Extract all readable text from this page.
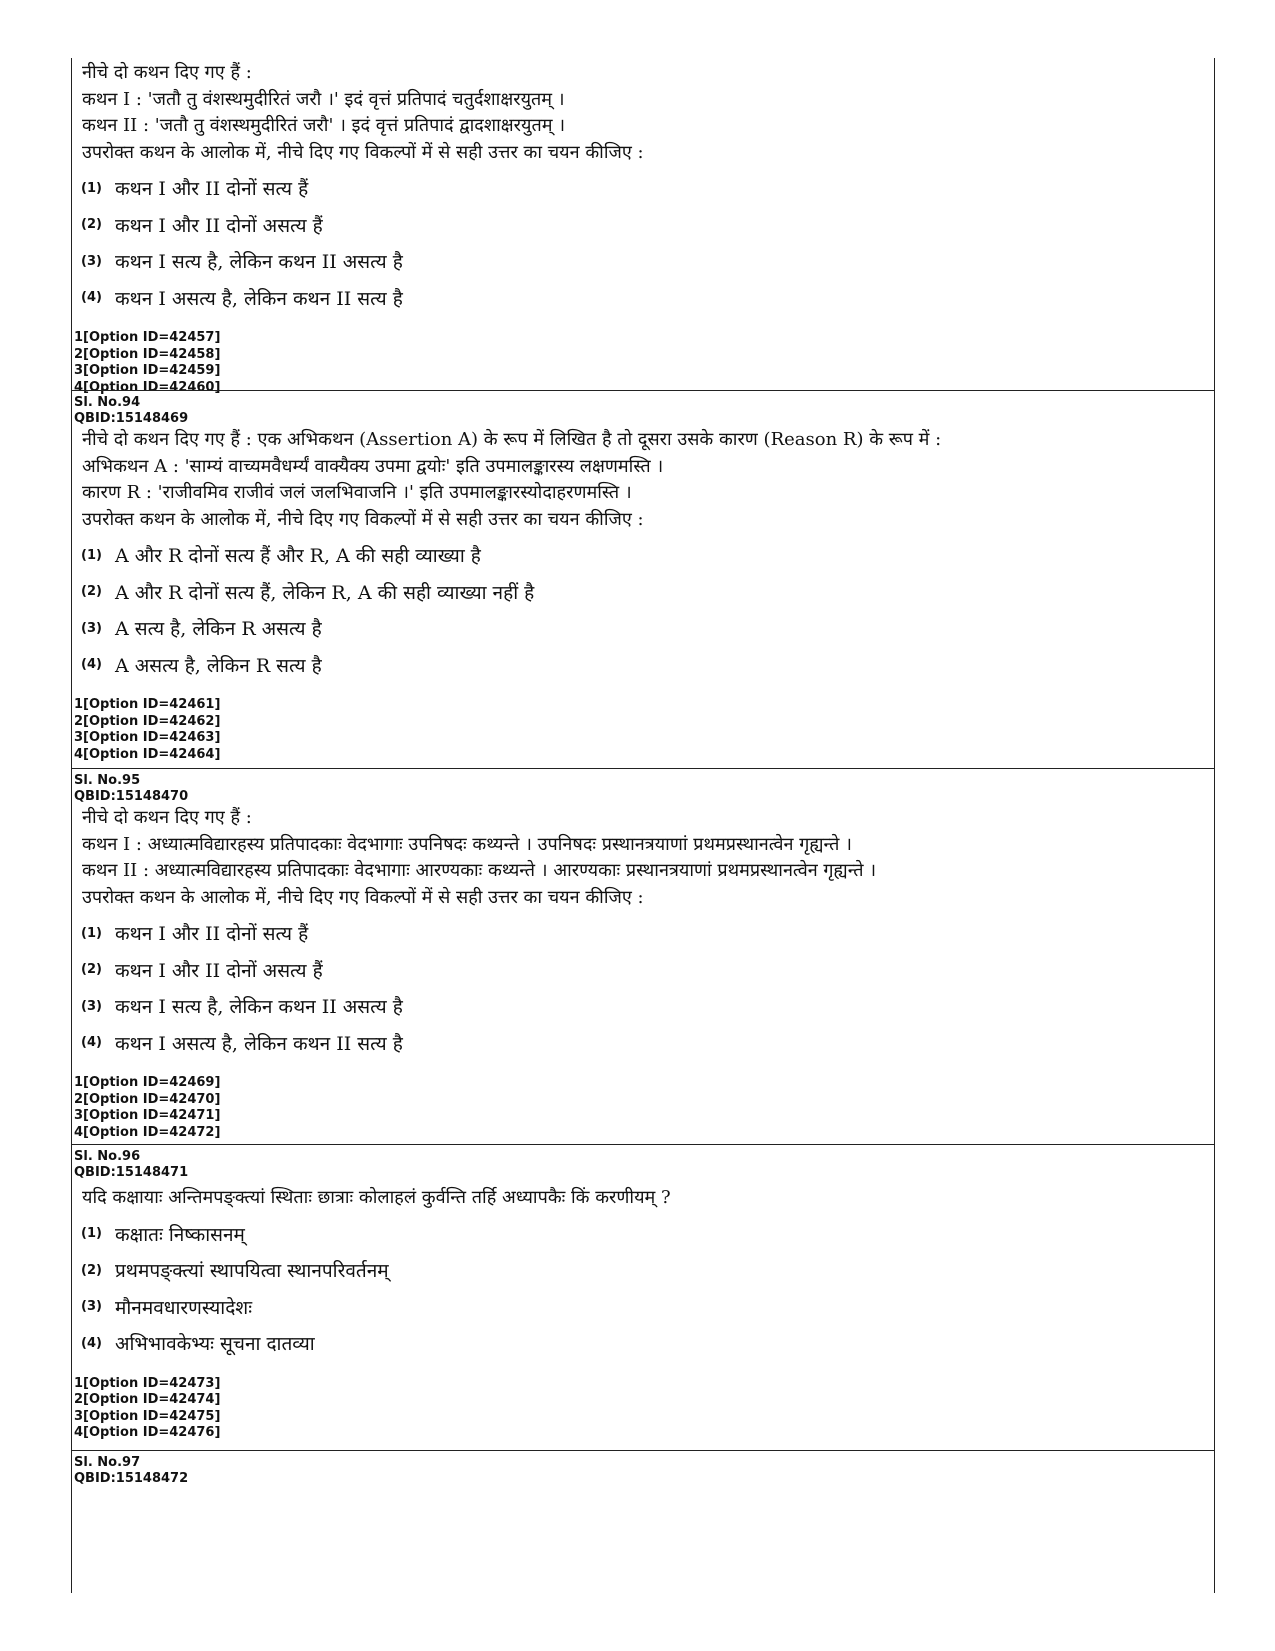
नीचे दो कथन दिए गए हैं :
कथन I : 'जतौ तु वंशस्थमुदीरितं जरौ ।' इदं वृत्तं प्रतिपादं चतुर्दशाक्षरयुतम् ।
कथन II : 'जतौ तु वंशस्थमुदीरितं जरौ' । इदं वृत्तं प्रतिपादं द्वादशाक्षरयुतम् ।
उपरोक्त कथन के आलोक में, नीचे दिए गए विकल्पों में से सही उत्तर का चयन कीजिए :
(1) कथन I और II दोनों सत्य हैं
(2) कथन I और II दोनों असत्य हैं
(3) कथन I सत्य है, लेकिन कथन II असत्य है
(4) कथन I असत्य है, लेकिन कथन II सत्य है
1[Option ID=42457]
2[Option ID=42458]
3[Option ID=42459]
4[Option ID=42460]
Sl. No.94
QBID:15148469
नीचे दो कथन दिए गए हैं : एक अभिकथन (Assertion A) के रूप में लिखित है तो दूसरा उसके कारण (Reason R) के रूप में :
अभिकथन A : 'साम्यं वाच्यमवैधर्म्यं वाक्यैक्य उपमा द्वयोः' इति उपमालङ्कारस्य लक्षणमस्ति ।
कारण R : 'राजीवमिव राजीवं जलं जलभिवाजनि ।' इति उपमालङ्कारस्योदाहरणमस्ति ।
उपरोक्त कथन के आलोक में, नीचे दिए गए विकल्पों में से सही उत्तर का चयन कीजिए :
(1) A और R दोनों सत्य हैं और R, A की सही व्याख्या है
(2) A और R दोनों सत्य हैं, लेकिन R, A की सही व्याख्या नहीं है
(3) A सत्य है, लेकिन R असत्य है
(4) A असत्य है, लेकिन R सत्य है
1[Option ID=42461]
2[Option ID=42462]
3[Option ID=42463]
4[Option ID=42464]
Sl. No.95
QBID:15148470
नीचे दो कथन दिए गए हैं :
कथन I : अध्यात्मविद्यारहस्य प्रतिपादकाः वेदभागाः उपनिषदः कथ्यन्ते । उपनिषदः प्रस्थानत्रयाणां प्रथमप्रस्थानत्वेन गृह्यन्ते ।
कथन II : अध्यात्मविद्यारहस्य प्रतिपादकाः वेदभागाः आरण्यकाः कथ्यन्ते । आरण्यकाः प्रस्थानत्रयाणां प्रथमप्रस्थानत्वेन गृह्यन्ते ।
उपरोक्त कथन के आलोक में, नीचे दिए गए विकल्पों में से सही उत्तर का चयन कीजिए :
(1) कथन I और II दोनों सत्य हैं
(2) कथन I और II दोनों असत्य हैं
(3) कथन I सत्य है, लेकिन कथन II असत्य है
(4) कथन I असत्य है, लेकिन कथन II सत्य है
1[Option ID=42469]
2[Option ID=42470]
3[Option ID=42471]
4[Option ID=42472]
Sl. No.96
QBID:15148471
यदि कक्षायाः अन्तिमपङ्क्त्यां स्थिताः छात्राः कोलाहलं कुर्वन्ति तर्हि अध्यापकैः किं करणीयम् ?
(1) कक्षातः निष्कासनम्
(2) प्रथमपङ्क्त्यां स्थापयित्वा स्थानपरिवर्तनम्
(3) मौनमवधारणस्यादेशः
(4) अभिभावकेभ्यः सूचना दातव्या
1[Option ID=42473]
2[Option ID=42474]
3[Option ID=42475]
4[Option ID=42476]
Sl. No.97
QBID:15148472
